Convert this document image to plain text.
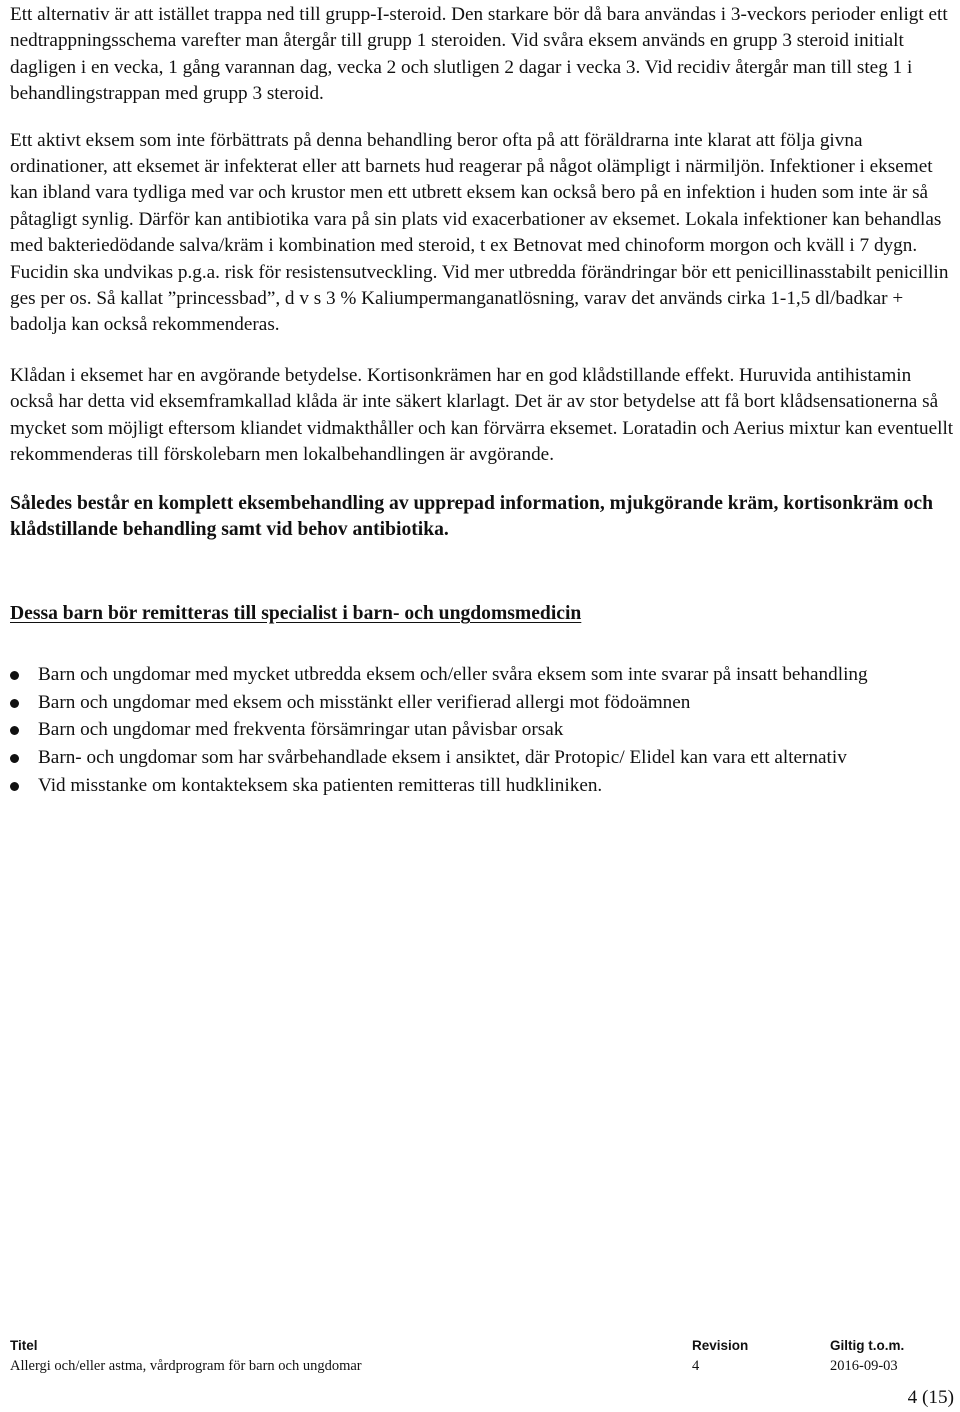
Ett alternativ är att istället trappa ned till grupp-I-steroid. Den starkare bör då bara användas i 3-veckors perioder enligt ett nedtrappningsschema varefter man återgår till grupp 1 steroiden. Vid svåra eksem används en grupp 3 steroid initialt dagligen i en vecka, 1 gång varannan dag, vecka 2 och slutligen 2 dagar i vecka 3. Vid recidiv återgår man till steg 1 i behandlingstrappan med grupp 3 steroid.

Ett aktivt eksem som inte förbättrats på denna behandling beror ofta på att föräldrarna inte klarat att följa givna ordinationer, att eksemet är infekterat eller att barnets hud reagerar på något olämpligt i närmiljön. Infektioner i eksemet kan ibland vara tydliga med var och krustor men ett utbrett eksem kan också bero på en infektion i huden som inte är så påtagligt synlig. Därför kan antibiotika vara på sin plats vid exacerbationer av eksemet. Lokala infektioner kan behandlas med bakteriedödande salva/kräm i kombination med steroid, t ex Betnovat med chinoform morgon och kväll i 7 dygn. Fucidin ska undvikas p.g.a. risk för resistensutveckling. Vid mer utbredda förändringar bör ett penicillinasstabilt penicillin ges per os. Så kallat ”princessbad”, d v s 3 % Kaliumpermanganatlösning, varav det används cirka 1-1,5 dl/badkar + badolja kan också rekommenderas.

Klådan i eksemet har en avgörande betydelse. Kortisonkrämen har en god klådstillande effekt. Huruvida antihistamin också har detta vid eksemframkallad klåda är inte säkert klarlagt. Det är av stor betydelse att få bort klådsensationerna så mycket som möjligt eftersom kliandet vidmakthåller och kan förvärra eksemet. Loratadin och Aerius mixtur kan eventuellt rekommenderas till förskolebarn men lokalbehandlingen är avgörande.

Således består en komplett eksembehandling av upprepad information, mjukgörande kräm, kortisonkräm och klådstillande behandling samt vid behov antibiotika.

Dessa barn bör remitteras till specialist i barn- och ungdomsmedicin

Barn och ungdomar med mycket utbredda eksem och/eller svåra eksem som inte svarar på insatt behandling
Barn och ungdomar med eksem och misstänkt eller verifierad allergi mot födoämnen
Barn och ungdomar med frekventa försämringar utan påvisbar orsak
Barn- och ungdomar som har svårbehandlade eksem i ansiktet, där Protopic/ Elidel kan vara ett alternativ
Vid misstanke om kontakteksem ska patienten remitteras till hudkliniken.
Titel	Revision	Giltig t.o.m.
Allergi och/eller astma, vårdprogram för barn och ungdomar	4	2016-09-03
4 (15)
